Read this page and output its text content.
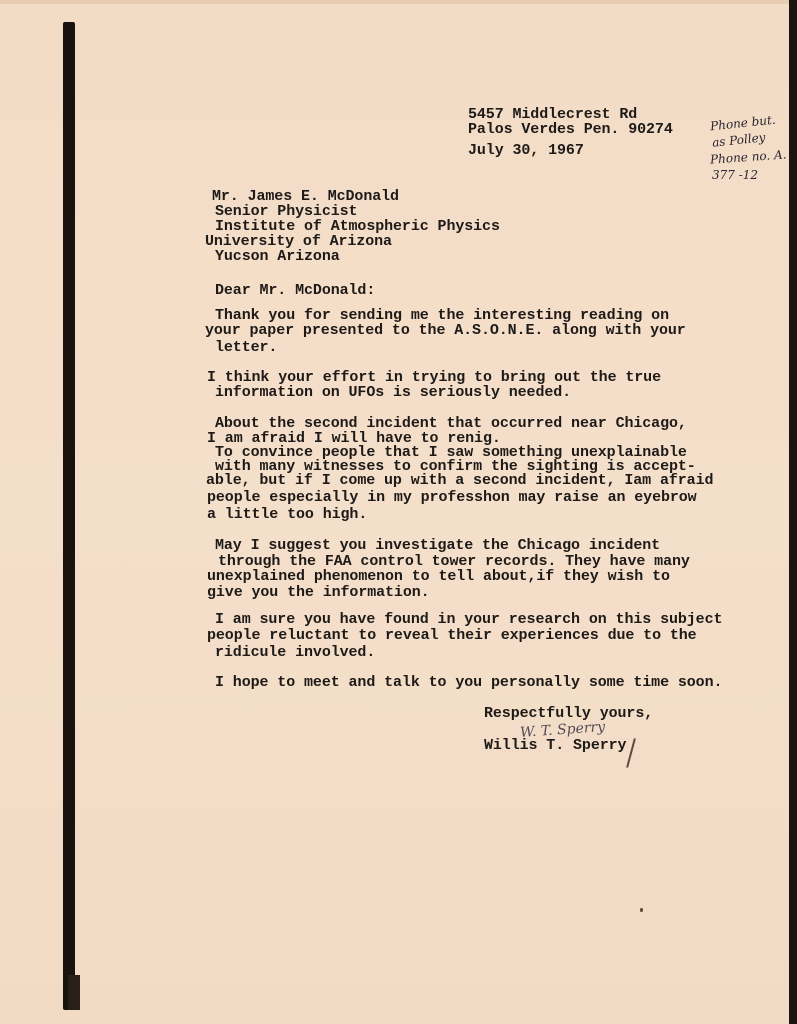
5457 Middlecrest Rd
Palos Verdes Pen. 90274
July 30, 1967
Phone but.
as Polley
Phone no. A.
377 -12
Mr. James E. McDonald
Senior Physicist
Institute of Atmospheric Physics
University of Arizona
Yucson Arizona
Dear Mr. McDonald:
Thank you for sending me the interesting reading on
your paper presented to the A.S.O.N.E. along with your
letter.
I think your effort in trying to bring out the true
information on UFOs is seriously needed.
About the second incident that occurred near Chicago,
I am afraid I will have to renig.
To convince people that I saw something unexplainable
with many witnesses to confirm the sighting is accept-
able, but if I come up with a second incident, Iam afraid
people especially in my professhon may raise an eyebrow
a little too high.
May I suggest you investigate the Chicago incident
through the FAA control tower records. They have many
unexplained phenomenon to tell about,if they wish to
give you the information.
I am sure you have found in your research on this subject
people reluctant to reveal their experiences due to the
ridicule involved.
I hope to meet and talk to you personally some time soon.
Respectfully yours,
W. T. Sperry
Willis T. Sperry
